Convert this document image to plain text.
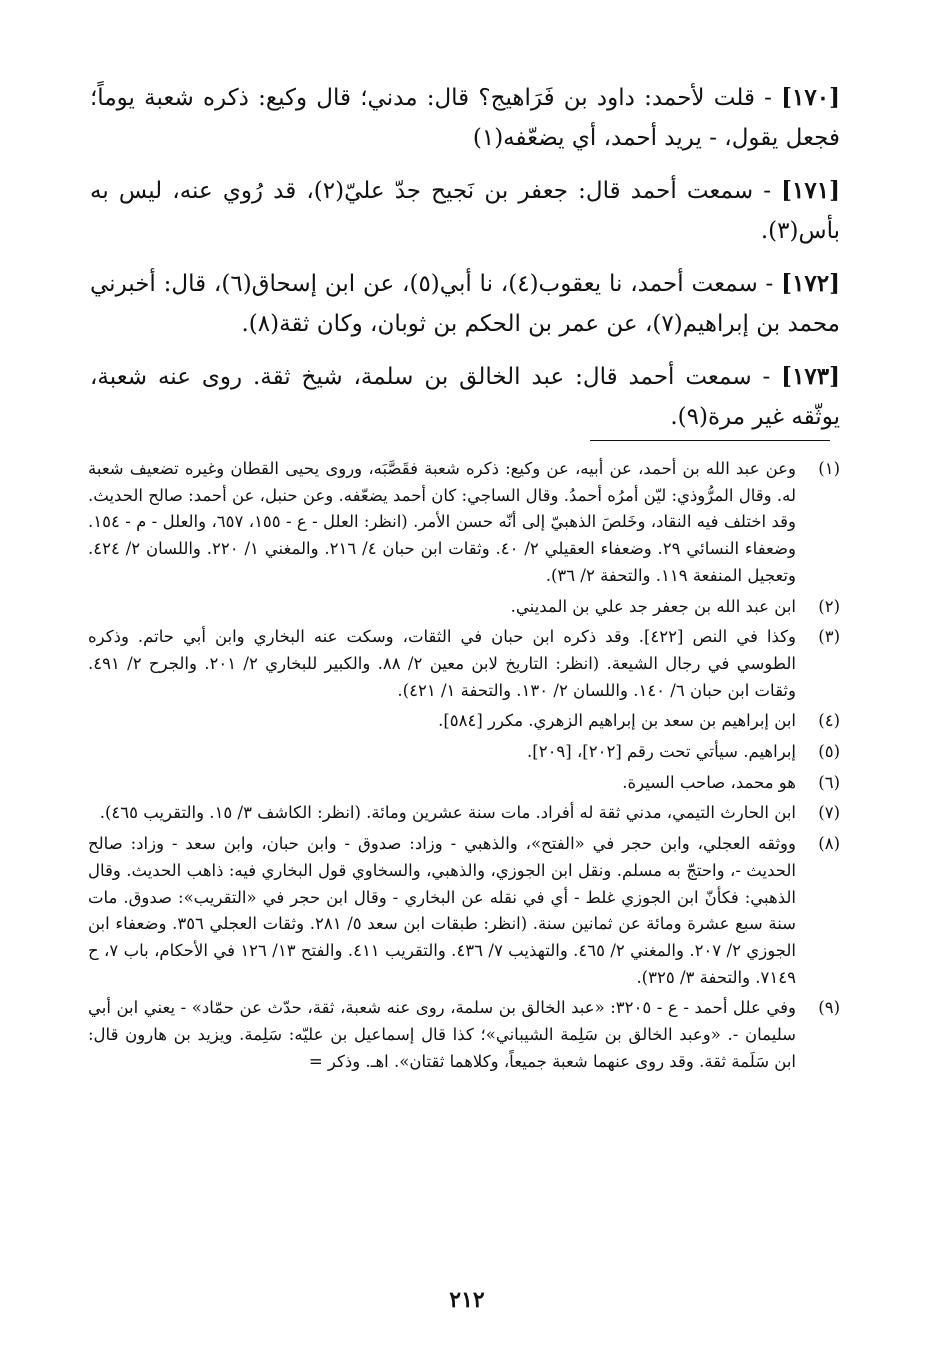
[١٧٠] - قلت لأحمد: داود بن فَرَاهيج؟ قال: مدني؛ قال وكيع: ذكره شعبة يوماً؛ فجعل يقول، - يريد أحمد، أي يضعّفه(١)

[١٧١] - سمعت أحمد قال: جعفر بن نَجيح جدّ عليّ(٢)، قد رُوي عنه، ليس به بأس(٣).

[١٧٢] - سمعت أحمد، نا يعقوب(٤)، نا أبي(٥)، عن ابن إسحاق(٦)، قال: أخبرني محمد بن إبراهيم(٧)، عن عمر بن الحكم بن ثوبان، وكان ثقة(٨).

[١٧٣] - سمعت أحمد قال: عبد الخالق بن سلمة، شيخ ثقة. روى عنه شعبة، يوثّقه غير مرة(٩).

(١)
وعن عبد الله بن أحمد، عن أبيه، عن وكيع: ذكره شعبة فقَصَّبَه، وروى يحيى القطان وغيره تضعيف شعبة له. وقال المرُّوذي: ليّن أمرُه أحمدُ. وقال الساجي: كان أحمد يضعّفه. وعن حنبل، عن أحمد: صالح الحديث. وقد اختلف فيه النقاد، وخَلصَ الذهبيّ إلى أنّه حسن الأمر. (انظر: العلل - ع - ١٥٥، ٦٥٧، والعلل - م - ١٥٤. وضعفاء النسائي ٢٩. وضعفاء العقيلي ٢/ ٤٠. وثقات ابن حبان ٤/ ٢١٦. والمغني ١/ ٢٢٠. واللسان ٢/ ٤٢٤. وتعجيل المنفعة ١١٩. والتحفة ٢/ ٣٦).
(٢)
ابن عبد الله بن جعفر جد علي بن المديني.
(٣)
وكذا في النص [٤٢٢]. وقد ذكره ابن حبان في الثقات، وسكت عنه البخاري وابن أبي حاتم. وذكره الطوسي في رجال الشيعة. (انظر: التاريخ لابن معين ٢/ ٨٨. والكبير للبخاري ٢/ ٢٠١. والجرح ٢/ ٤٩١. وثقات ابن حبان ٦/ ١٤٠. واللسان ٢/ ١٣٠. والتحفة ١/ ٤٢١).
(٤)
ابن إبراهيم بن سعد بن إبراهيم الزهري. مكرر [٥٨٤].
(٥)
إبراهيم. سيأتي تحت رقم [٢٠٢]، [٢٠٩].
(٦)
هو محمد، صاحب السيرة.
(٧)
ابن الحارث التيمي، مدني ثقة له أفراد. مات سنة عشرين ومائة. (انظر: الكاشف ٣/ ١٥. والتقريب ٤٦٥).
(٨)
ووثقه العجلي، وابن حجر في «الفتح»، والذهبي - وزاد: صدوق - وابن حبان، وابن سعد - وزاد: صالح الحديث -، واحتجّ به مسلم. ونقل ابن الجوزي، والذهبي، والسخاوي قول البخاري فيه: ذاهب الحديث. وقال الذهبي: فكأنّ ابن الجوزي غلط - أي في نقله عن البخاري - وقال ابن حجر في «التقريب»: صدوق. مات سنة سبع عشرة ومائة عن ثمانين سنة. (انظر: طبقات ابن سعد ٥/ ٢٨١. وثقات العجلي ٣٥٦. وضعفاء ابن الجوزي ٢/ ٢٠٧. والمغني ٢/ ٤٦٥. والتهذيب ٧/ ٤٣٦. والتقريب ٤١١. والفتح ١٣/ ١٢٦ في الأحكام، باب ٧، ح ٧١٤٩. والتحفة ٣/ ٣٢٥).
(٩)
وفي علل أحمد - ع - ٣٢٠٥: «عبد الخالق بن سلمة، روى عنه شعبة، ثقة، حدّث عن حمّاد» - يعني ابن أبي سليمان -. «وعبد الخالق بن سَلِمة الشيباني»؛ كذا قال إسماعيل بن عليّه: سَلِمة. ويزيد بن هارون قال: ابن سَلَمة ثقة. وقد روى عنهما شعبة جميعاً، وكلاهما ثقتان». اهـ. وذكر =
٢١٢
